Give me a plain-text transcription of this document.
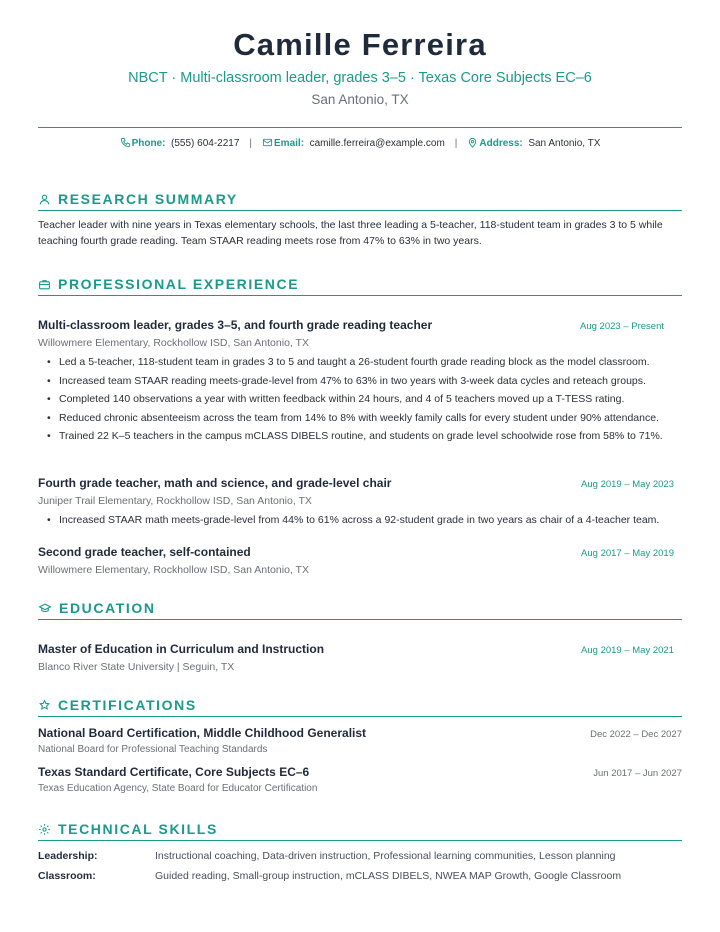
Camille Ferreira
NBCT · Multi-classroom leader, grades 3–5 · Texas Core Subjects EC–6
San Antonio, TX
Phone: (555) 604-2217 | Email: camille.ferreira@example.com | Address: San Antonio, TX
RESEARCH SUMMARY
Teacher leader with nine years in Texas elementary schools, the last three leading a 5-teacher, 118-student team in grades 3 to 5 while teaching fourth grade reading. Team STAAR reading meets rose from 47% to 63% in two years.
PROFESSIONAL EXPERIENCE
Multi-classroom leader, grades 3–5, and fourth grade reading teacher	Aug 2023 – Present
Willowmere Elementary, Rockhollow ISD, San Antonio, TX
• Led a 5-teacher, 118-student team in grades 3 to 5 and taught a 26-student fourth grade reading block as the model classroom.
• Increased team STAAR reading meets-grade-level from 47% to 63% in two years with 3-week data cycles and reteach groups.
• Completed 140 observations a year with written feedback within 24 hours, and 4 of 5 teachers moved up a T-TESS rating.
• Reduced chronic absenteeism across the team from 14% to 8% with weekly family calls for every student under 90% attendance.
• Trained 22 K–5 teachers in the campus mCLASS DIBELS routine, and students on grade level schoolwide rose from 58% to 71%.
Fourth grade teacher, math and science, and grade-level chair	Aug 2019 – May 2023
Juniper Trail Elementary, Rockhollow ISD, San Antonio, TX
• Increased STAAR math meets-grade-level from 44% to 61% across a 92-student grade in two years as chair of a 4-teacher team.
Second grade teacher, self-contained	Aug 2017 – May 2019
Willowmere Elementary, Rockhollow ISD, San Antonio, TX
EDUCATION
Master of Education in Curriculum and Instruction	Aug 2019 – May 2021
Blanco River State University | Seguin, TX
CERTIFICATIONS
National Board Certification, Middle Childhood Generalist	Dec 2022 – Dec 2027
National Board for Professional Teaching Standards
Texas Standard Certificate, Core Subjects EC–6	Jun 2017 – Jun 2027
Texas Education Agency, State Board for Educator Certification
TECHNICAL SKILLS
Leadership:	Instructional coaching, Data-driven instruction, Professional learning communities, Lesson planning
Classroom:	Guided reading, Small-group instruction, mCLASS DIBELS, NWEA MAP Growth, Google Classroom
